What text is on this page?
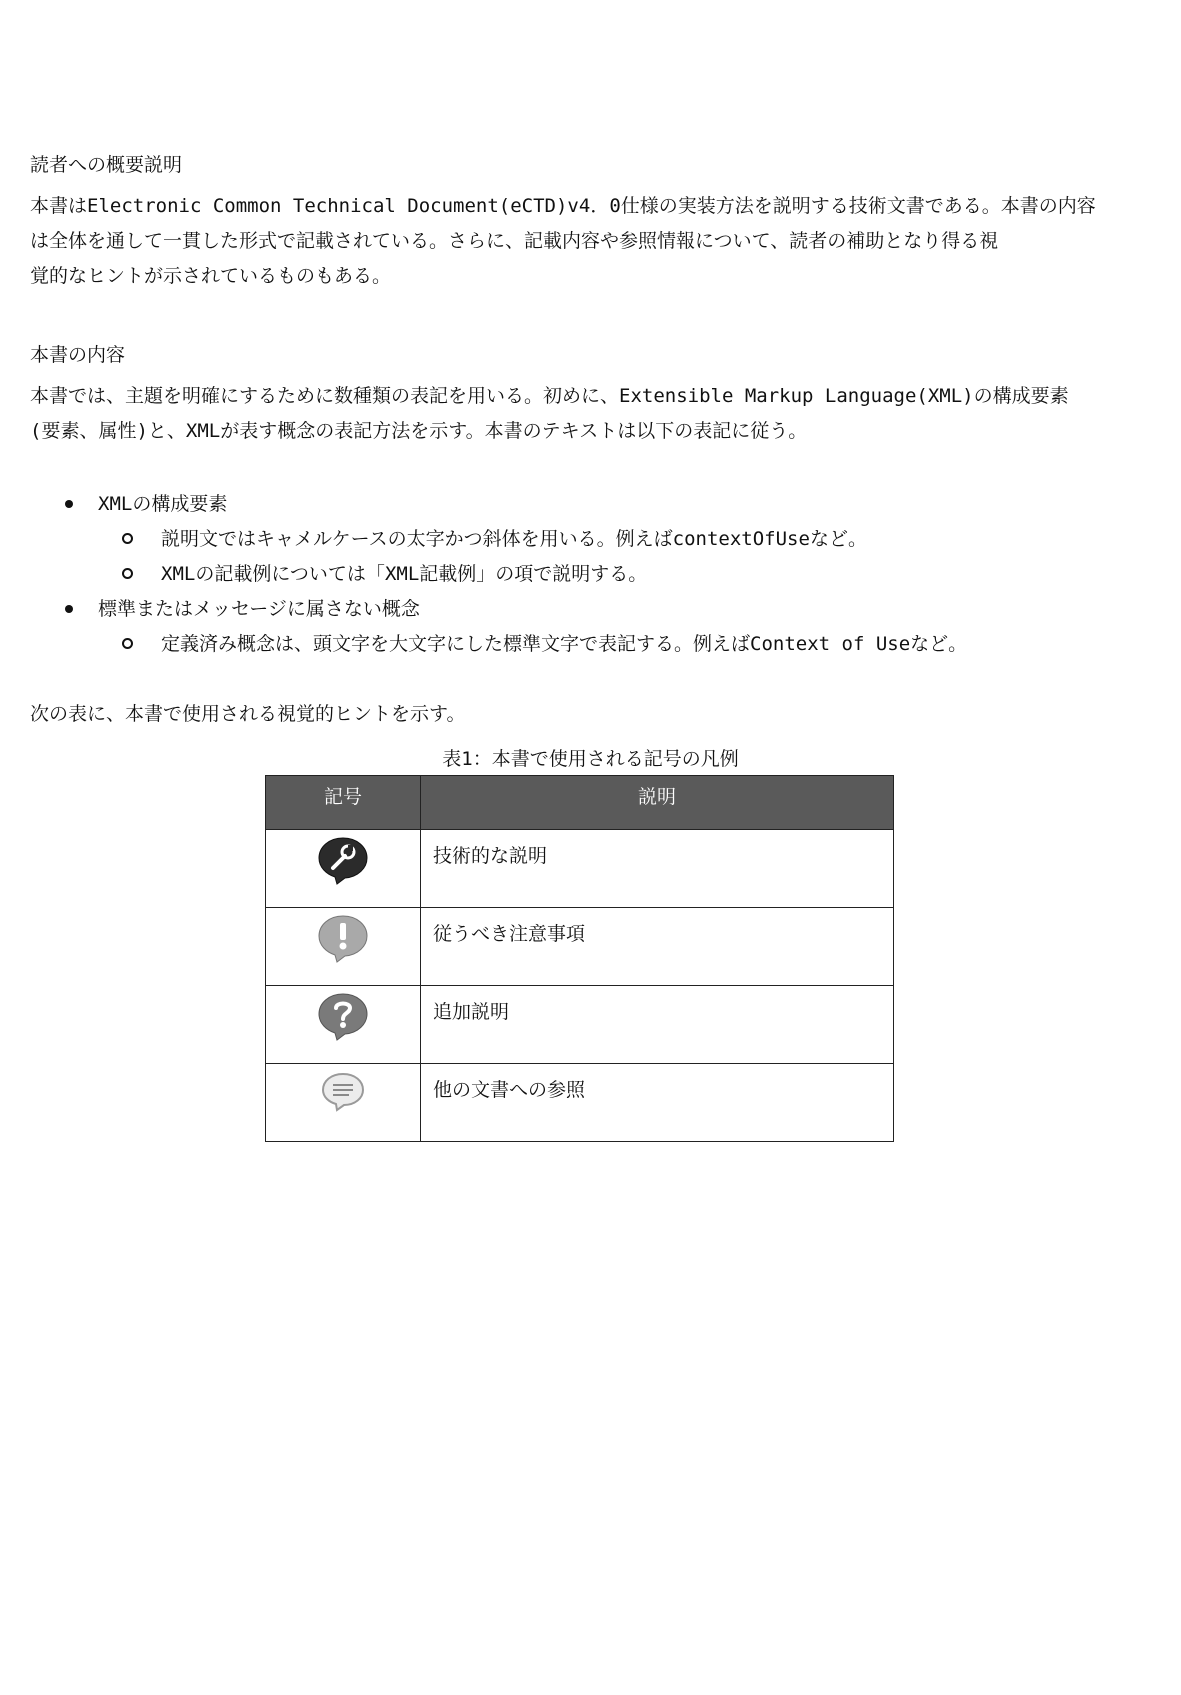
読者への概要説明

本書はElectronic Common Technical Document(eCTD)v4．0仕様の実装方法を説明する技術文書である。本書の内容

は全体を通して一貫した形式で記載されている。さらに、記載内容や参照情報について、読者の補助となり得る視

覚的なヒントが示されているものもある。

本書の内容

本書では、主題を明確にするために数種類の表記を用いる。初めに、Extensible Markup Language(XML)の構成要素

(要素、属性)と、XMLが表す概念の表記方法を示す。本書のテキストは以下の表記に従う。

XMLの構成要素
説明文ではキャメルケースの太字かつ斜体を用いる。例えばcontextOfUseなど。
XMLの記載例については「XML記載例」の項で説明する。
標準またはメッセージに属さない概念
定義済み概念は、頭文字を大文字にした標準文字で表記する。例えばContext of Useなど。
次の表に、本書で使用される視覚的ヒントを示す。
表1：本書で使用される記号の凡例
記号	説明
	技術的な説明
	従うべき注意事項
	追加説明
	他の文書への参照
